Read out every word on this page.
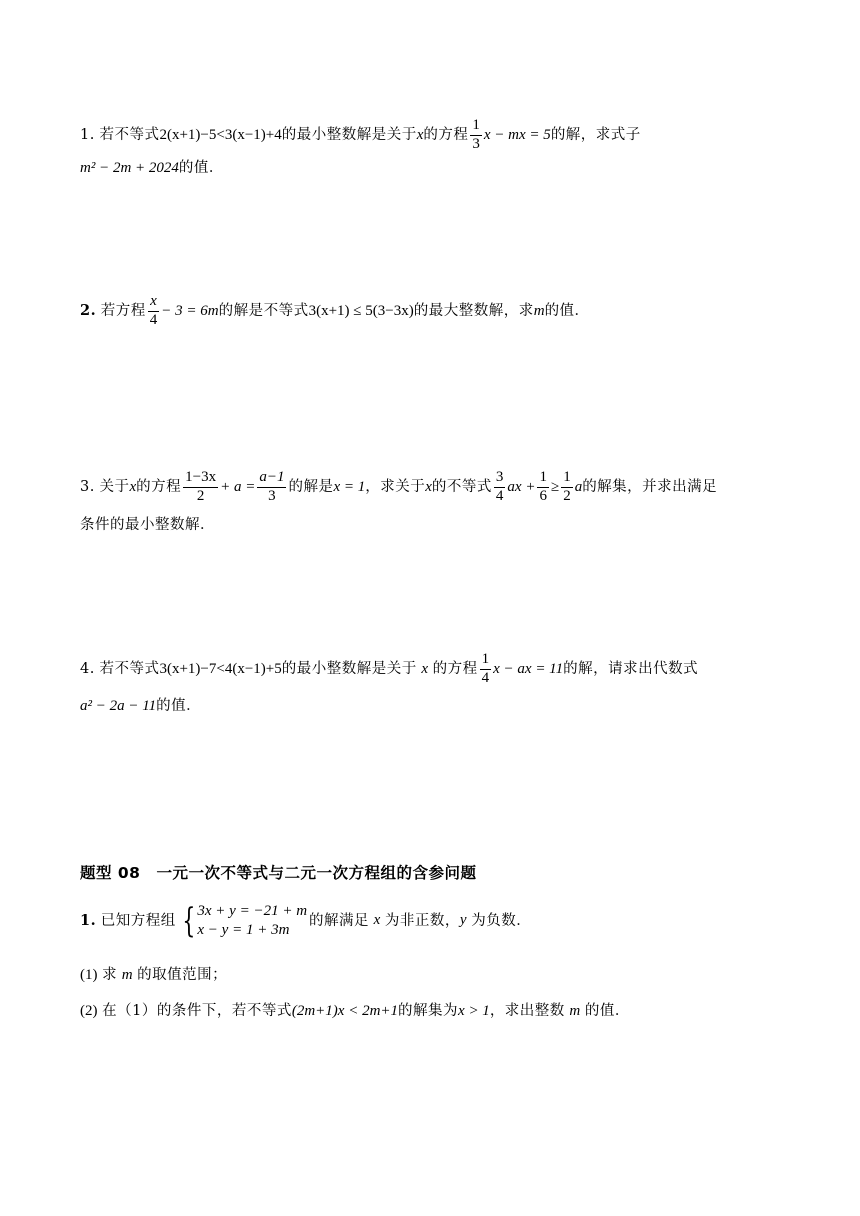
1.
若不等式 2(x+1)−5<3(x−1)+4 的最小整数解是关于 x 的方程 $\frac{1}{3}$ x − mx = 5 的解，求式子
m² − 2m + 2024 的值．
2.
若方程 $\frac{x}{4} - 3 = 6m$ 的解是不等式 3(x+1) ≤ 5(3−3x) 的最大整数解，求 m 的值．
3.
关于 x 的方程 $\frac{1-3x}{2} + a = \frac{a-1}{3}$ 的解是 x = 1 ，求关于 x 的不等式 $\frac{3}{4}$ ax + $\frac{1}{6} \ge \frac{1}{2}$ a 的解集，并求出满足
条件的最小整数解．
4.
若不等式 3(x+1)−7<4(x−1)+5 的最小整数解是关于
x
的方程 $\frac{1}{4}$ x − ax = 11 的解，请求出代数式
a² − 2a − 11 的值．
题型 08　一元一次不等式与二元一次方程组的含参问题
1.
已知方程组 { 3x + y = −21 + m
x − y = 1 + 3m
的解满足
x
为非正数， y
为负数．
(1)
求
m
的取值范围；
(2)
在（1）的条件下，若不等式 (2m+1)x < 2m+1 的解集为 x > 1 ，求出整数
m
的值．
